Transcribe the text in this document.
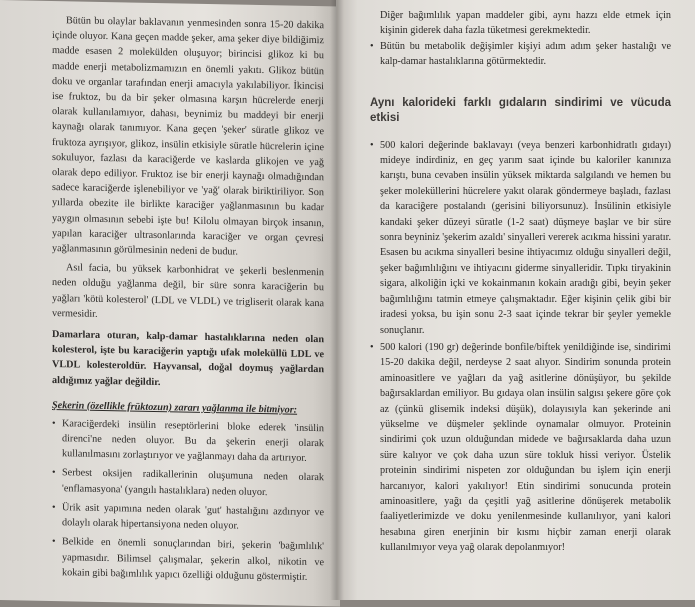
Bütün bu olaylar baklavanın yenmesinden sonra 15-20 dakika içinde oluyor. Kana geçen madde şeker, ama şeker diye bildiğimiz madde esasen 2 molekülden oluşuyor; birincisi glikoz ki bu madde enerji metabolizmamızın en önemli yakıtı. Glikoz bütün doku ve organlar tarafından enerji amacıyla yakılabiliyor. İkincisi ise fruktoz, bu da bir şeker olmasına karşın hücrelerde enerji olarak kullanılamıyor, dahası, beynimiz bu maddeyi bir enerji kaynağı olarak tanımıyor. Kana geçen 'şeker' süratle glikoz ve fruktoza ayrışıyor, glikoz, insülin etkisiyle süratle hücrelerin içine sokuluyor, fazlası da karaciğerde ve kaslarda glikojen ve yağ olarak depo ediliyor. Fruktoz ise bir enerji kaynağı olmadığından sadece karaciğerde işlenebiliyor ve 'yağ' olarak biriktiriliyor. Son yıllarda obezite ile birlikte karaciğer yağlanmasının bu kadar yaygın olmasının sebebi işte bu! Kilolu olmayan birçok insanın, yapılan karaciğer ultrasonlarında karaciğer ve organ çevresi yağlanmasının görülmesinin nedeni de budur.

Asıl facia, bu yüksek karbonhidrat ve şekerli beslenmenin neden olduğu yağlanma değil, bir süre sonra karaciğerin bu yağları 'kötü kolesterol' (LDL ve VLDL) ve trigliserit olarak kana vermesidir.

Damarlara oturan, kalp-damar hastalıklarına neden olan kolesterol, işte bu karaciğerin yaptığı ufak moleküllü LDL ve VLDL kolesteroldür. Hayvansal, doğal doymuş yağlardan aldığımız yağlar değildir.

Şekerin (özellikle früktozun) zararı yağlanma ile bitmiyor:

• Karaciğerdeki insülin reseptörlerini bloke ederek 'insülin direnci'ne neden oluyor. Bu da şekerin enerji olarak kullanılmasını zorlaştırıyor ve yağlanmayı daha da artırıyor.
• Serbest oksijen radikallerinin oluşumuna neden olarak 'enflamasyona' (yangılı hastalıklara) neden oluyor.
• Ürik asit yapımına neden olarak 'gut' hastalığını azdırıyor ve dolaylı olarak hipertansiyona neden oluyor.
• Belkide en önemli sonuçlarından biri, şekerin 'bağımlılık' yapmasıdır. Bilimsel çalışmalar, şekerin alkol, nikotin ve kokain gibi bağımlılık yapıcı özelliği olduğunu göstermiştir.

Diğer bağımlılık yapan maddeler gibi, aynı hazzı elde etmek için kişinin giderek daha fazla tüketmesi gerekmektedir.

• Bütün bu metabolik değişimler kişiyi adım adım şeker hastalığı ve kalp-damar hastalıklarına götürmektedir.

Aynı kalorideki farklı gıdaların sindirimi ve vücuda etkisi

• 500 kalori değerinde baklavayı (veya benzeri karbonhidratlı gıdayı) mideye indirdiniz, en geç yarım saat içinde bu kaloriler kanınıza karıştı, buna cevaben insülin yüksek miktarda salgılandı ve hemen bu şeker moleküllerini hücrelere yakıt olarak göndermeye başladı, fazlası da karaciğere postalandı (gerisini biliyorsunuz). İnsülinin etkisiyle kandaki şeker düzeyi süratle (1-2 saat) düşmeye başlar ve bir süre sonra beyniniz 'şekerim azaldı' sinyalleri vererek acıkma hissini yaratır. Esasen bu acıkma sinyalleri besine ihtiyacımız olduğu sinyalleri değil, şeker bağımlılığını ve ihtiyacını giderme sinyalleridir. Tıpkı tiryakinin sigara, alkoliğin içki ve kokainmanın kokain aradığı gibi, beyin şeker bağımlılığını tatmin etmeye çalışmaktadır. Eğer kişinin çelik gibi bir iradesi yoksa, bu işin sonu 2-3 saat içinde tekrar bir şeyler yemekle sonuçlanır.
• 500 kalori (190 gr) değerinde bonfile/biftek yenildiğinde ise, sindirimi 15-20 dakika değil, nerdeyse 2 saat alıyor. Sindirim sonunda protein aminoasitlere ve yağları da yağ asitlerine dönüşüyor, bu şekilde bağırsaklardan emiliyor. Bu gıdaya olan insülin salgısı şekere göre çok az (çünkü glisemik indeksi düşük), dolayısıyla kan şekerinde ani yükselme ve düşmeler şeklinde oynamalar olmuyor. Proteinin sindirimi çok uzun olduğundan midede ve bağırsaklarda daha uzun süre kalıyor ve çok daha uzun süre tokluk hissi veriyor. Üstelik proteinin sindirimi nispeten zor olduğundan bu işlem için enerji harcanıyor, kalori yakılıyor! Etin sindirimi sonucunda protein aminoasitlere, yağı da çeşitli yağ asitlerine dönüşerek metabolik faaliyetlerimizde ve doku yenilenmesinde kullanılıyor, yani kalori hesabına giren enerjinin bir kısmı hiçbir zaman enerji olarak kullanılmıyor veya yağ olarak depolanmıyor!
